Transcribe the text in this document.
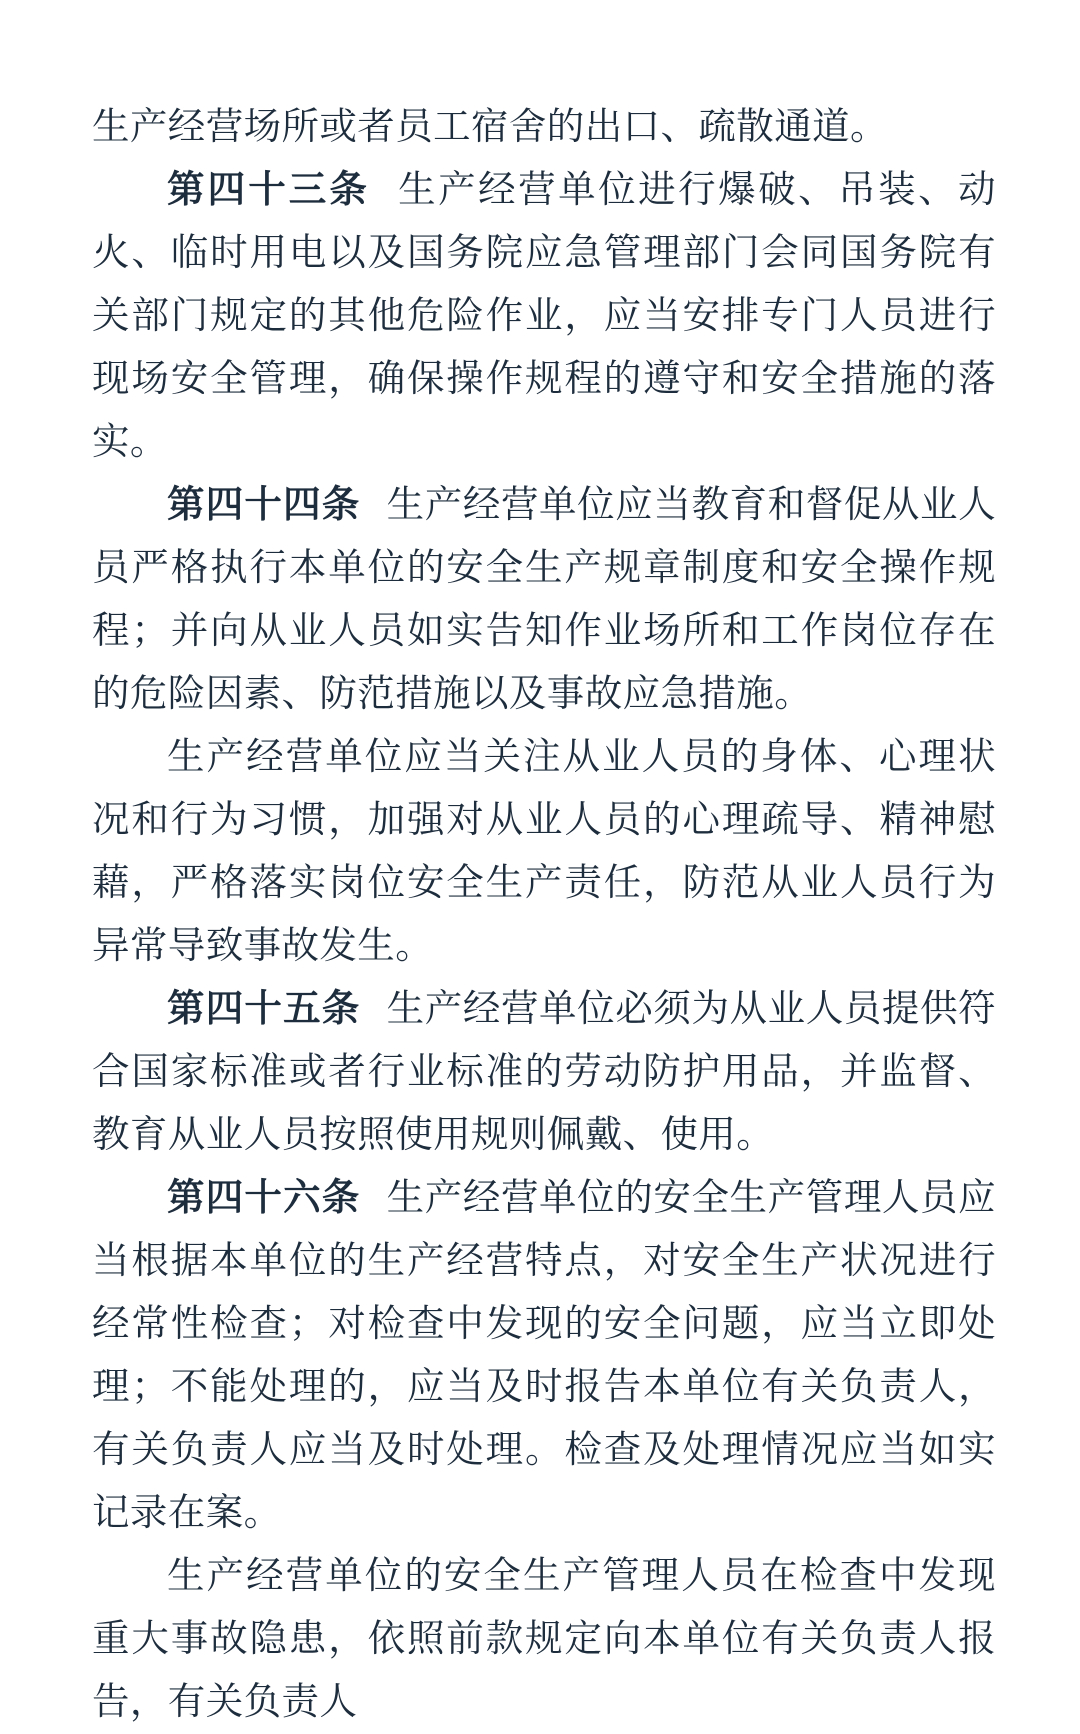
生产经营场所或者员工宿舍的出口、疏散通道。

第四十三条 生产经营单位进行爆破、吊装、动火、临时用电以及国务院应急管理部门会同国务院有关部门规定的其他危险作业，应当安排专门人员进行现场安全管理，确保操作规程的遵守和安全措施的落实。

第四十四条 生产经营单位应当教育和督促从业人员严格执行本单位的安全生产规章制度和安全操作规程；并向从业人员如实告知作业场所和工作岗位存在的危险因素、防范措施以及事故应急措施。

生产经营单位应当关注从业人员的身体、心理状况和行为习惯，加强对从业人员的心理疏导、精神慰藉，严格落实岗位安全生产责任，防范从业人员行为异常导致事故发生。

第四十五条 生产经营单位必须为从业人员提供符合国家标准或者行业标准的劳动防护用品，并监督、教育从业人员按照使用规则佩戴、使用。

第四十六条 生产经营单位的安全生产管理人员应当根据本单位的生产经营特点，对安全生产状况进行经常性检查；对检查中发现的安全问题，应当立即处理；不能处理的，应当及时报告本单位有关负责人，有关负责人应当及时处理。检查及处理情况应当如实记录在案。

生产经营单位的安全生产管理人员在检查中发现重大事故隐患，依照前款规定向本单位有关负责人报告，有关负责人
